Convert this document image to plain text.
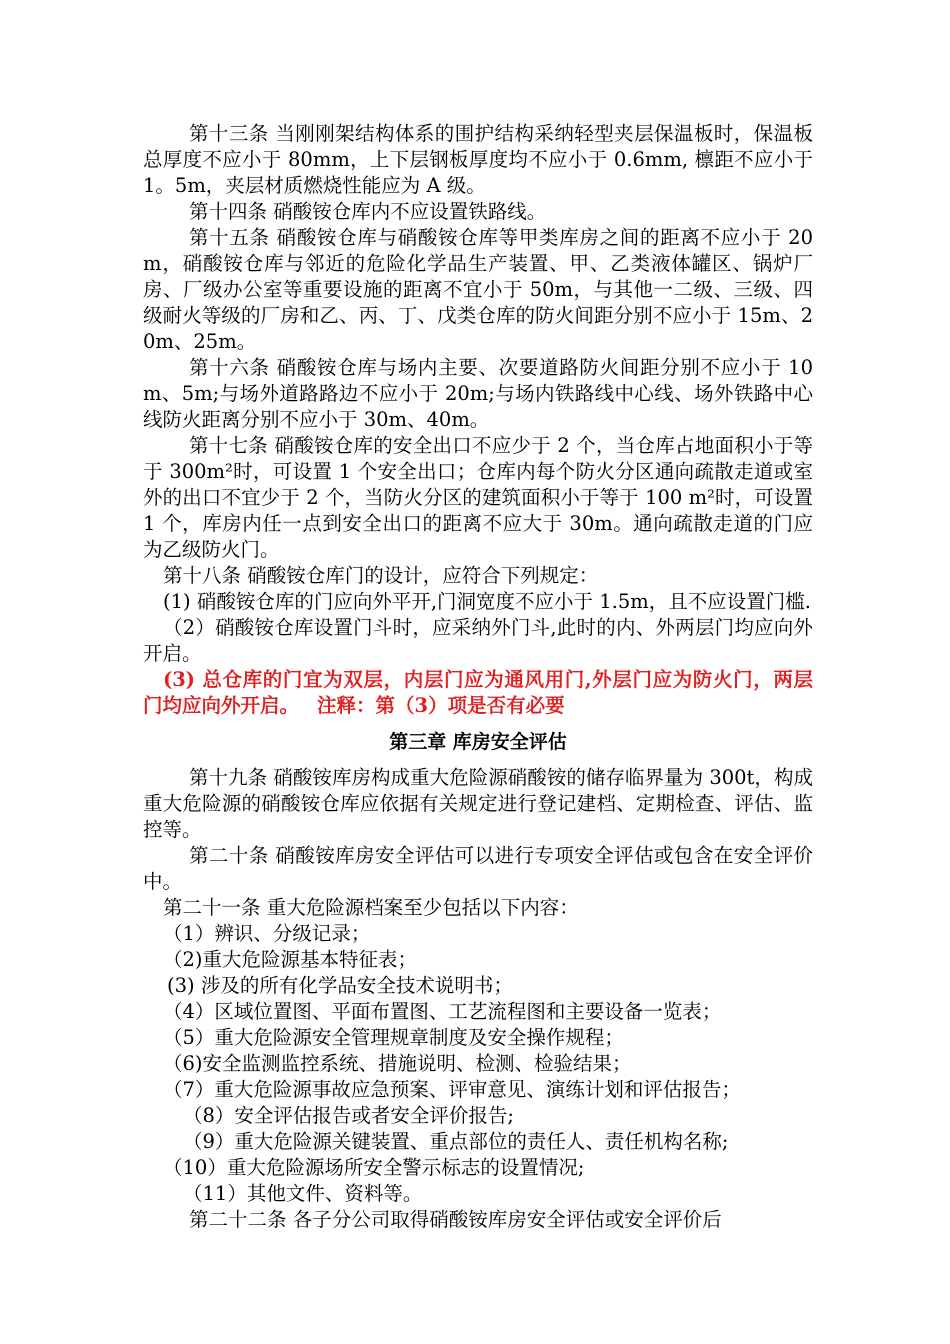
第十三条 当刚刚架结构体系的围护结构采纳轻型夹层保温板时，保温板总厚度不应小于 80mm，上下层钢板厚度均不应小于 0.6mm, 檩距不应小于 1。5m，夹层材质燃烧性能应为 A 级。

第十四条 硝酸铵仓库内不应设置铁路线。

第十五条 硝酸铵仓库与硝酸铵仓库等甲类库房之间的距离不应小于 20m，硝酸铵仓库与邻近的危险化学品生产装置、甲、乙类液体罐区、锅炉厂房、厂级办公室等重要设施的距离不宜小于 50m，与其他一二级、三级、四级耐火等级的厂房和乙、丙、丁、戊类仓库的防火间距分别不应小于 15m、20m、25m。

第十六条 硝酸铵仓库与场内主要、次要道路防火间距分别不应小于 10m、5m;与场外道路路边不应小于 20m;与场内铁路线中心线、场外铁路中心线防火距离分别不应小于 30m、40m。

第十七条 硝酸铵仓库的安全出口不应少于 2 个，当仓库占地面积小于等于 300m²时，可设置 1 个安全出口；仓库内每个防火分区通向疏散走道或室外的出口不宜少于 2 个，当防火分区的建筑面积小于等于 100 m²时，可设置 1 个，库房内任一点到安全出口的距离不应大于 30m。通向疏散走道的门应为乙级防火门。

第十八条 硝酸铵仓库门的设计，应符合下列规定：

(1) 硝酸铵仓库的门应向外平开,门洞宽度不应小于 1.5m，且不应设置门槛.

（2）硝酸铵仓库设置门斗时，应采纳外门斗,此时的内、外两层门均应向外开启。

(3) 总仓库的门宜为双层，内层门应为通风用门,外层门应为防火门，两层门均应向外开启。 注释：第（3）项是否有必要

第三章 库房安全评估

第十九条 硝酸铵库房构成重大危险源硝酸铵的储存临界量为 300t，构成重大危险源的硝酸铵仓库应依据有关规定进行登记建档、定期检查、评估、监控等。

第二十条 硝酸铵库房安全评估可以进行专项安全评估或包含在安全评价中。

第二十一条 重大危险源档案至少包括以下内容：

（1）辨识、分级记录；

（2)重大危险源基本特征表；

(3) 涉及的所有化学品安全技术说明书；

（4）区域位置图、平面布置图、工艺流程图和主要设备一览表；

（5）重大危险源安全管理规章制度及安全操作规程；

（6)安全监测监控系统、措施说明、检测、检验结果；

（7）重大危险源事故应急预案、评审意见、演练计划和评估报告；

（8）安全评估报告或者安全评价报告;

（9）重大危险源关键装置、重点部位的责任人、责任机构名称;

（10）重大危险源场所安全警示标志的设置情况;

（11）其他文件、资料等。

第二十二条 各子分公司取得硝酸铵库房安全评估或安全评价后
